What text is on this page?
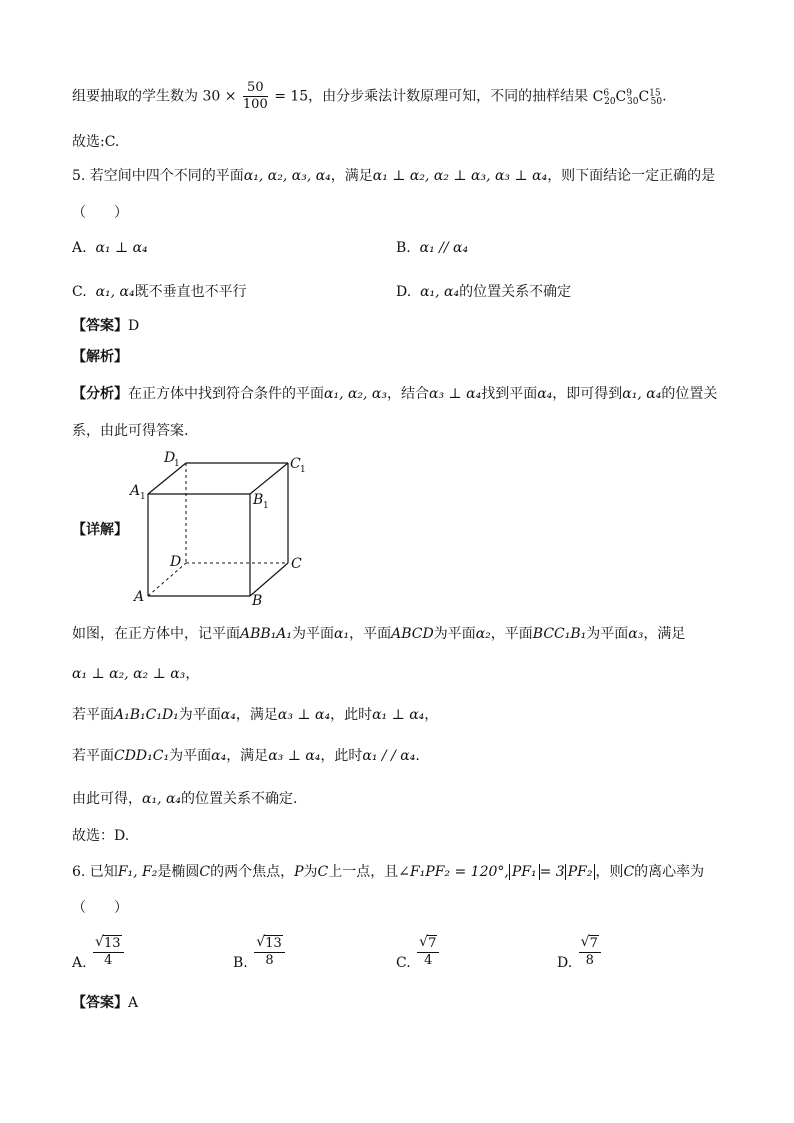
组要抽取的学生数为 $30 \times \frac{50}{100} = 15$，由分步乘法计数原理可知，不同的抽样结果 $C^6_{20}C^9_{30}C^{15}_{50}$.
故选:C.
5. 若空间中四个不同的平面α₁, α₂, α₃, α₄，满足α₁ ⊥ α₂, α₂ ⊥ α₃, α₃ ⊥ α₄，则下面结论一定正确的是
（　　）
A. α₁ ⊥ α₄	B. α₁ // α₄
C. α₁, α₄既不垂直也不平行	D. α₁, α₄的位置关系不确定
【答案】D
【解析】
【分析】在正方体中找到符合条件的平面α₁, α₂, α₃，结合α₃ ⊥ α₄找到平面α₄，即可得到α₁, α₄的位置关
系，由此可得答案.
【详解】
D
1	C 1
A 1	B 1
D	C
A	B
如图，在正方体中，记平面ABB₁A₁为平面α₁，平面ABCD为平面α₂，平面BCC₁B₁为平面α₃，满足
α₁ ⊥ α₂, α₂ ⊥ α₃，
若平面A₁B₁C₁D₁为平面α₄，满足α₃ ⊥ α₄，此时α₁ ⊥ α₄，
若平面CDD₁C₁为平面α₄，满足α₃ ⊥ α₄，此时α₁ / / α₄.
由此可得，α₁, α₄的位置关系不确定.
故选：D.
6. 已知F₁, F₂是椭圆C的两个焦点，P为C上一点，且∠F₁PF₂ = 120°, PF₁ = 3 PF₂ ，则C的离心率为
（　　）
A. $\frac{√ 13}{4}$	B. $\frac{√ 13}{8}$	C. $\frac{√ 7}{4}$	D. $\frac{√ 7}{8}$
【答案】A
